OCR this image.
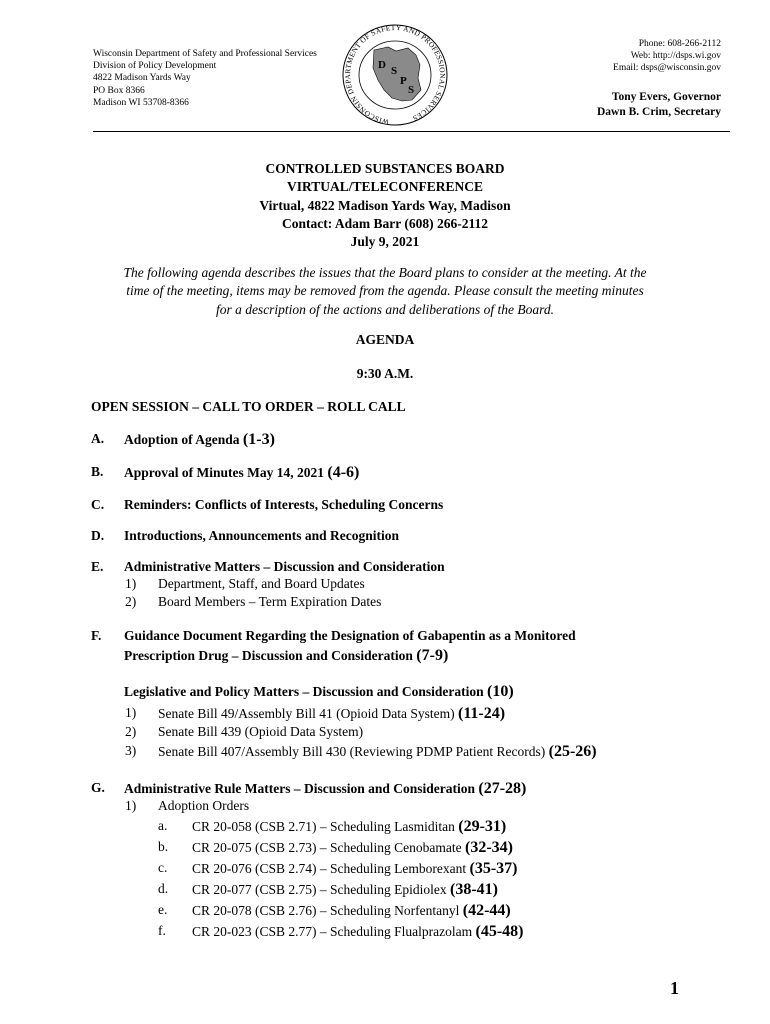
Wisconsin Department of Safety and Professional Services
Division of Policy Development
4822 Madison Yards Way
PO Box 8366
Madison WI 53708-8366
WISCONSIN DEPARTMENT OF SAFETY AND PROFESSIONAL SERVICES
D S
P
S
Phone: 608-266-2112
Web: http://dsps.wi.gov
Email: dsps@wisconsin.gov
Tony Evers, Governor
Dawn B. Crim, Secretary
CONTROLLED SUBSTANCES BOARD
VIRTUAL/TELECONFERENCE
Virtual, 4822 Madison Yards Way, Madison
Contact: Adam Barr (608) 266-2112
July 9, 2021
The following agenda describes the issues that the Board plans to consider at the meeting. At the
time of the meeting, items may be removed from the agenda. Please consult the meeting minutes
for a description of the actions and deliberations of the Board.
AGENDA
9:30 A.M.
OPEN SESSION – CALL TO ORDER – ROLL CALL
A. Adoption of Agenda (1-3)
B. Approval of Minutes May 14, 2021 (4-6)
C. Reminders: Conflicts of Interests, Scheduling Concerns
D. Introductions, Announcements and Recognition
E. Administrative Matters – Discussion and Consideration
1) Department, Staff, and Board Updates
2) Board Members – Term Expiration Dates
F. Guidance Document Regarding the Designation of Gabapentin as a Monitored
Prescription Drug – Discussion and Consideration (7-9)
Legislative and Policy Matters – Discussion and Consideration (10)
1) Senate Bill 49/Assembly Bill 41 (Opioid Data System) (11-24)
2) Senate Bill 439 (Opioid Data System)
3) Senate Bill 407/Assembly Bill 430 (Reviewing PDMP Patient Records) (25-26)
G. Administrative Rule Matters – Discussion and Consideration (27-28)
1) Adoption Orders
a. CR 20-058 (CSB 2.71) – Scheduling Lasmiditan (29-31)
b. CR 20-075 (CSB 2.73) – Scheduling Cenobamate (32-34)
c. CR 20-076 (CSB 2.74) – Scheduling Lemborexant (35-37)
d. CR 20-077 (CSB 2.75) – Scheduling Epidiolex (38-41)
e. CR 20-078 (CSB 2.76) – Scheduling Norfentanyl (42-44)
f. CR 20-023 (CSB 2.77) – Scheduling Flualprazolam (45-48)
1
